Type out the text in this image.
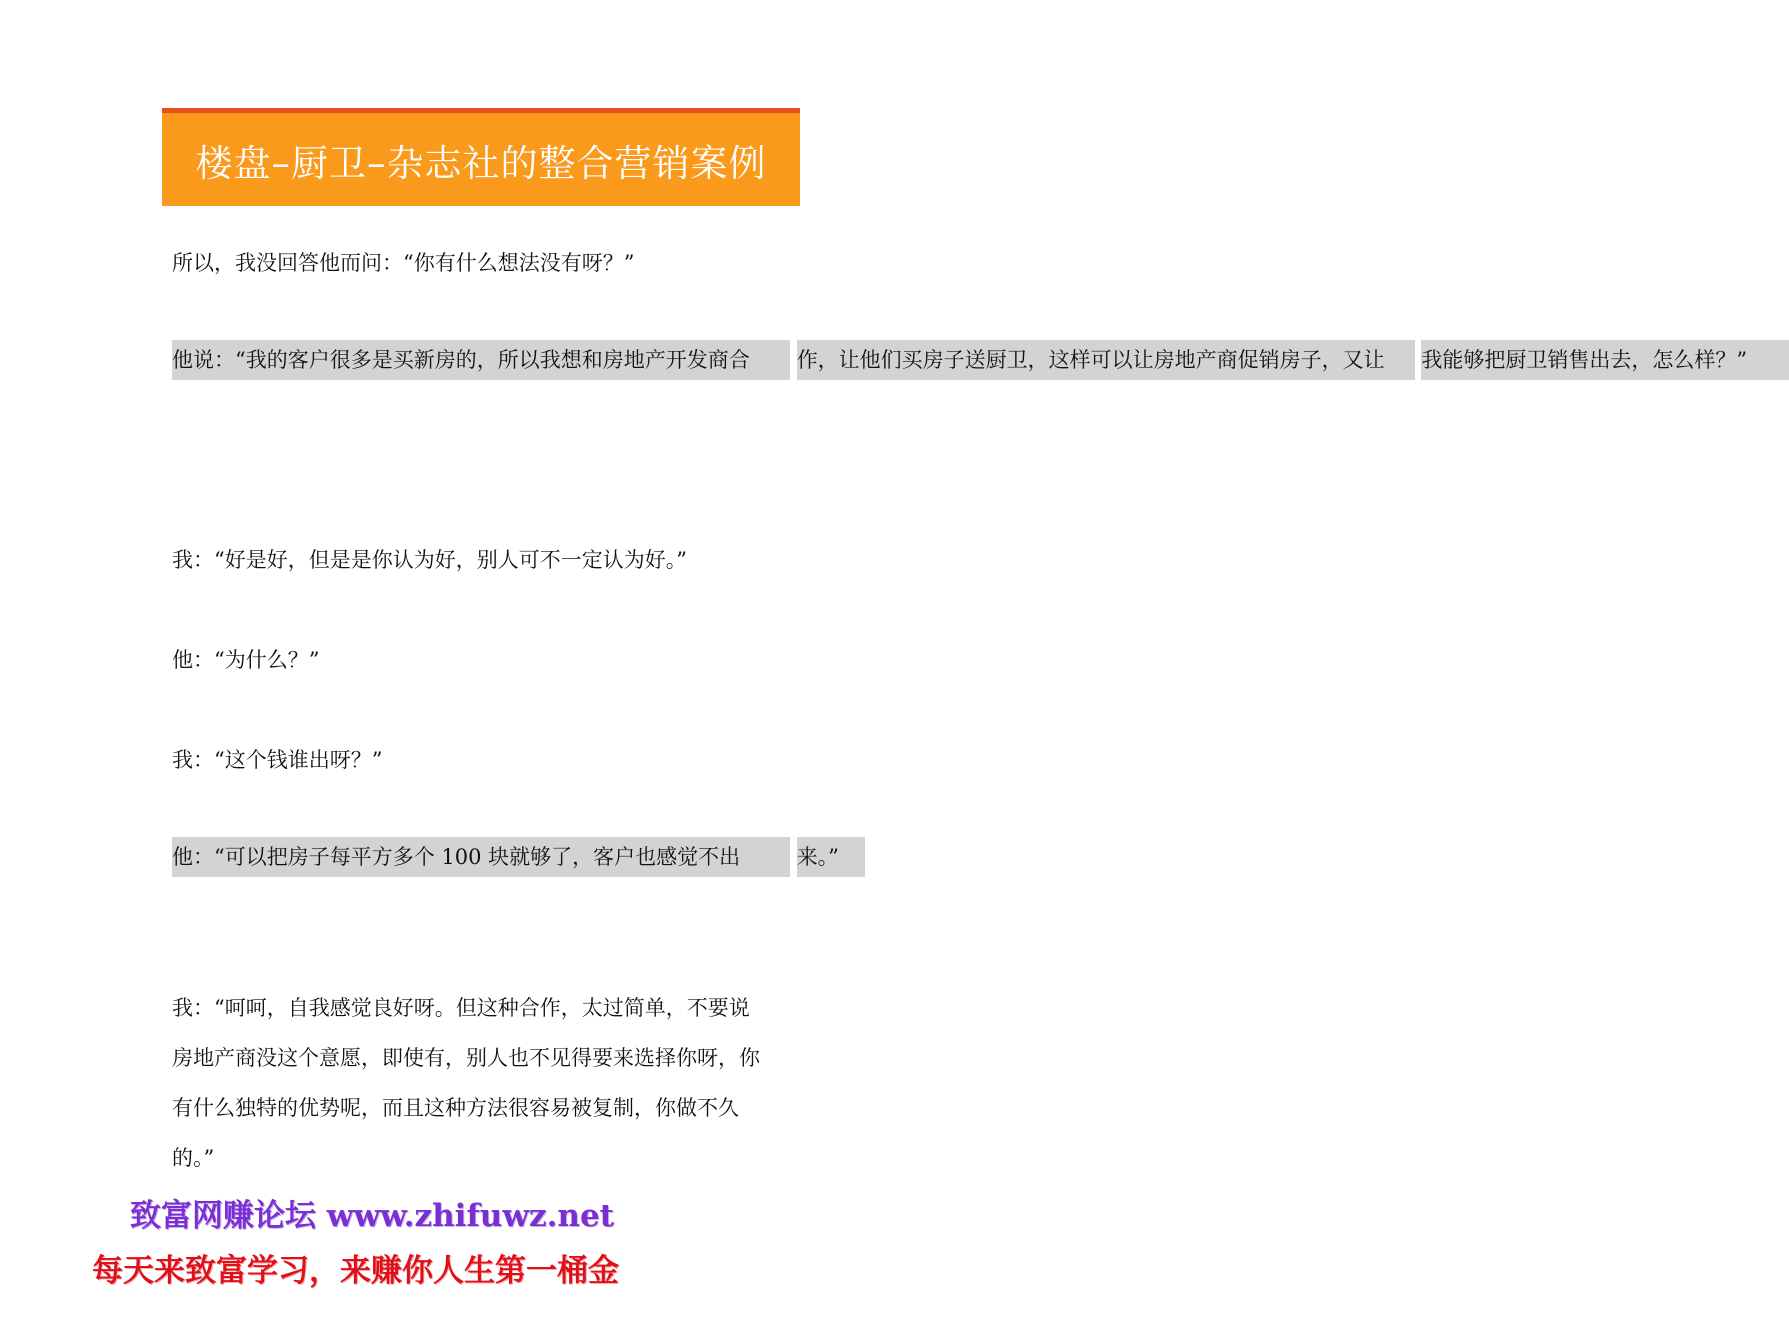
楼盘–厨卫–杂志社的整合营销案例

所以，我没回答他而问：“你有什么想法没有呀？”

他说：“我的客户很多是买新房的，所以我想和房地产开发商合 作，让他们买房子送厨卫，这样可以让房地产商促销房子，又让 我能够把厨卫销售出去，怎么样？”

我：“好是好，但是是你认为好，别人可不一定认为好。”

他：“为什么？”

我：“这个钱谁出呀？”

他：“可以把房子每平方多个 100 块就够了，客户也感觉不出	来。”
我：“呵呵，自我感觉良好呀。但这种合作，太过简单，不要说
房地产商没这个意愿，即使有，别人也不见得要来选择你呀，你
有什么独特的优势呢，而且这种方法很容易被复制，你做不久
的。”
致富网赚论坛 www.zhifuwz.net
每天来致富学习，来赚你人生第一桶金
